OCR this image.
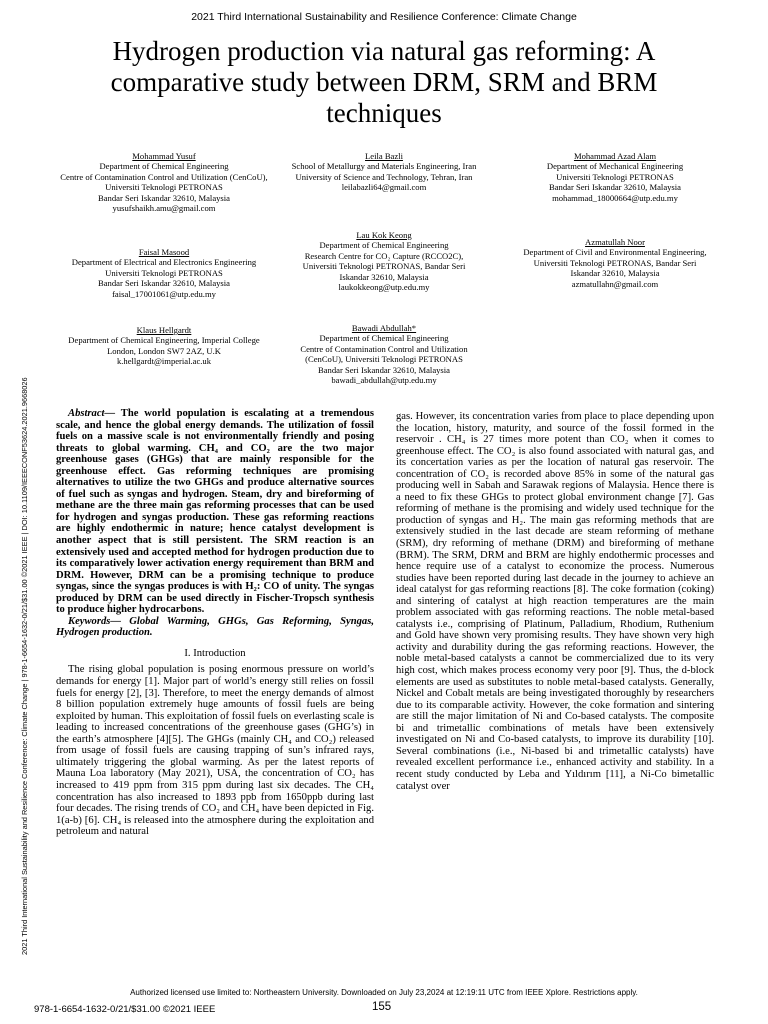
2021 Third International Sustainability and Resilience Conference: Climate Change
Hydrogen production via natural gas reforming: A comparative study between DRM, SRM and BRM techniques
Mohammad Yusuf
Department of Chemical Engineering
Centre of Contamination Control and Utilization (CenCoU), Universiti Teknologi PETRONAS
Bandar Seri Iskandar 32610, Malaysia
yusufshaikh.amu@gmail.com
Leila Bazli
School of Metallurgy and Materials Engineering, Iran University of Science and Technology, Tehran, Iran
leilabazli64@gmail.com
Mohammad Azad Alam
Department of Mechanical Engineering
Universiti Teknologi PETRONAS
Bandar Seri Iskandar 32610, Malaysia
mohammad_18000664@utp.edu.my
Faisal Masood
Department of Electrical and Electronics Engineering
Universiti Teknologi PETRONAS
Bandar Seri Iskandar 32610, Malaysia
faisal_17001061@utp.edu.my
Lau Kok Keong
Department of Chemical Engineering
Research Centre for CO₂ Capture (RCCO2C), Universiti Teknologi PETRONAS, Bandar Seri Iskandar 32610, Malaysia
laukokkeong@utp.edu.my
Azmatullah Noor
Department of Civil and Environmental Engineering, Universiti Teknologi PETRONAS, Bandar Seri Iskandar 32610, Malaysia
azmatullahn@gmail.com
Klaus Hellgardt
Department of Chemical Engineering, Imperial College London, London SW7 2AZ, U.K
k.hellgardt@imperial.ac.uk
Bawadi Abdullah*
Department of Chemical Engineering
Centre of Contamination Control and Utilization (CenCoU), Universiti Teknologi PETRONAS
Bandar Seri Iskandar 32610, Malaysia
bawadi_abdullah@utp.edu.my
2021 Third International Sustainability and Resilience Conference: Climate Change | 978-1-6654-1632-0/21/$31.00 ©2021 IEEE | DOI: 10.1109/IEEECONF53624.2021.9668026	Abstract— The world population is escalating at a tremendous scale, and hence the global energy demands. The utilization of fossil fuels on a massive scale is not environmentally friendly and posing threats to global warming. CH₄ and CO₂ are the two major greenhouse gases (GHGs) that are mainly responsible for the greenhouse effect. Gas reforming techniques are promising alternatives to utilize the two GHGs and produce alternative sources of fuel such as syngas and hydrogen. Steam, dry and bireforming of methane are the three main gas reforming processes that can be used for hydrogen and syngas production. These gas reforming reactions are highly endothermic in nature; hence catalyst development is another aspect that is still persistent. The SRM reaction is an extensively used and accepted method for hydrogen production due to its comparatively lower activation energy requirement than BRM and DRM. However, DRM can be a promising technique to produce syngas, since the syngas produces is with H₂: CO of unity. The syngas produced by DRM can be used directly in Fischer-Tropsch synthesis to produce higher hydrocarbons.

Keywords— Global Warming, GHGs, Gas Reforming, Syngas, Hydrogen production.

I. Introduction

The rising global population is posing enormous pressure on world’s demands for energy [1]. Major part of world’s energy still relies on fossil fuels for energy [2], [3]. Therefore, to meet the energy demands of almost 8 billion population extremely huge amounts of fossil fuels are being exploited by human. This exploitation of fossil fuels on everlasting scale is leading to increased concentrations of the greenhouse gases (GHG’s) in the earth’s atmosphere [4][5]. The GHGs (mainly CH₄ and CO₂) released from usage of fossil fuels are causing trapping of sun’s infrared rays, ultimately triggering the global warming. As per the latest reports of Mauna Loa laboratory (May 2021), USA, the concentration of CO₂ has increased to 419 ppm from 315 ppm during last six decades. The CH₄ concentration has also increased to 1893 ppb from 1650ppb during last four decades. The rising trends of CO₂ and CH₄ have been depicted in Fig. 1(a-b) [6]. CH₄ is released into the atmosphere during the exploitation and petroleum and natural

gas. However, its concentration varies from place to place depending upon the location, history, maturity, and source of the fossil formed in the reservoir . CH₄ is 27 times more potent than CO₂ when it comes to greenhouse effect. The CO₂ is also found associated with natural gas, and its concertation varies as per the location of natural gas reservoir. The concentration of CO₂ is recorded above 85% in some of the natural gas producing well in Sabah and Sarawak regions of Malaysia. Hence there is a need to fix these GHGs to protect global environment change [7]. Gas reforming of methane is the promising and widely used technique for the production of syngas and H₂. The main gas reforming methods that are extensively studied in the last decade are steam reforming of methane (SRM), dry reforming of methane (DRM) and bireforming of methane (BRM). The SRM, DRM and BRM are highly endothermic processes and hence require use of a catalyst to economize the process. Numerous studies have been reported during last decade in the journey to achieve an ideal catalyst for gas reforming reactions [8]. The coke formation (coking) and sintering of catalyst at high reaction temperatures are the main problem associated with gas reforming reactions. The noble metal-based catalysts i.e., comprising of Platinum, Palladium, Rhodium, Ruthenium and Gold have shown very promising results. They have shown very high activity and durability during the gas reforming reactions. However, the noble metal-based catalysts a cannot be commercialized due to its very high cost, which makes process economy very poor [9]. Thus, the d-block elements are used as substitutes to noble metal-based catalysts. Generally, Nickel and Cobalt metals are being investigated thoroughly by researchers due to its comparable activity. However, the coke formation and sintering are still the major limitation of Ni and Co-based catalysts. The composite bi and trimetallic combinations of metals have been extensively investigated on Ni and Co-based catalysts, to improve its durability [10]. Several combinations (i.e., Ni-based bi and trimetallic catalysts) have revealed excellent performance i.e., enhanced activity and stability. In a recent study conducted by Leba and Yıldırım [11], a Ni-Co bimetallic catalyst over

Authorized licensed use limited to: Northeastern University. Downloaded on July 23,2024 at 12:19:11 UTC from IEEE Xplore. Restrictions apply.
978-1-6654-1632-0/21/$31.00 ©2021 IEEE	155
